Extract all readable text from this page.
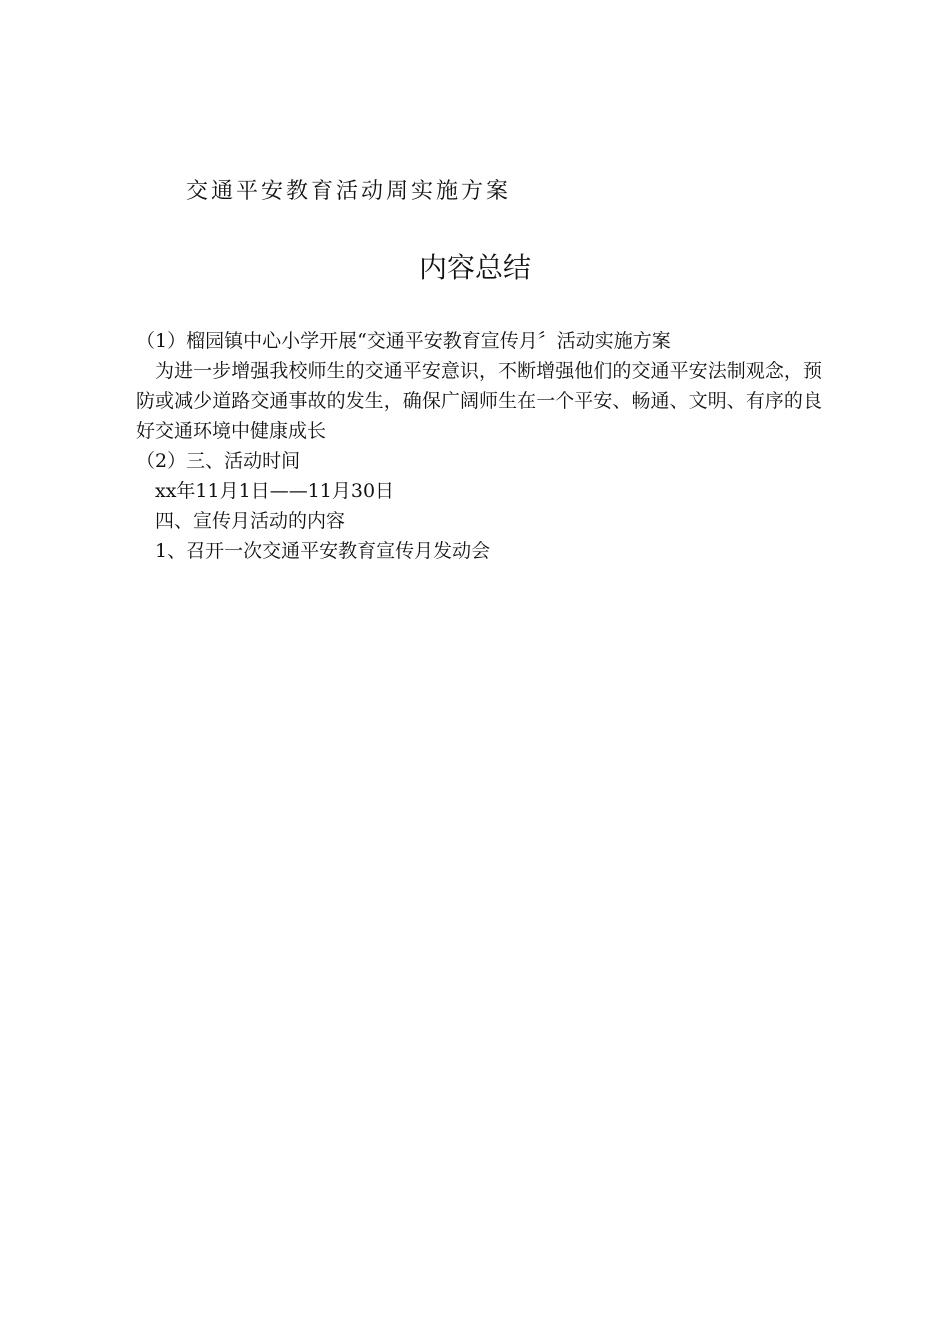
交通平安教育活动周实施方案
内容总结
（1）榴园镇中心小学开展“交通平安教育宣传月〞活动实施方案
为进一步增强我校师生的交通平安意识，不断增强他们的交通平安法制观念，预防或减少道路交通事故的发生，确保广阔师生在一个平安、畅通、文明、有序的良好交通环境中健康成长
（2）三、活动时间
xx年11月1日——11月30日
四、宣传月活动的内容
1、召开一次交通平安教育宣传月发动会
